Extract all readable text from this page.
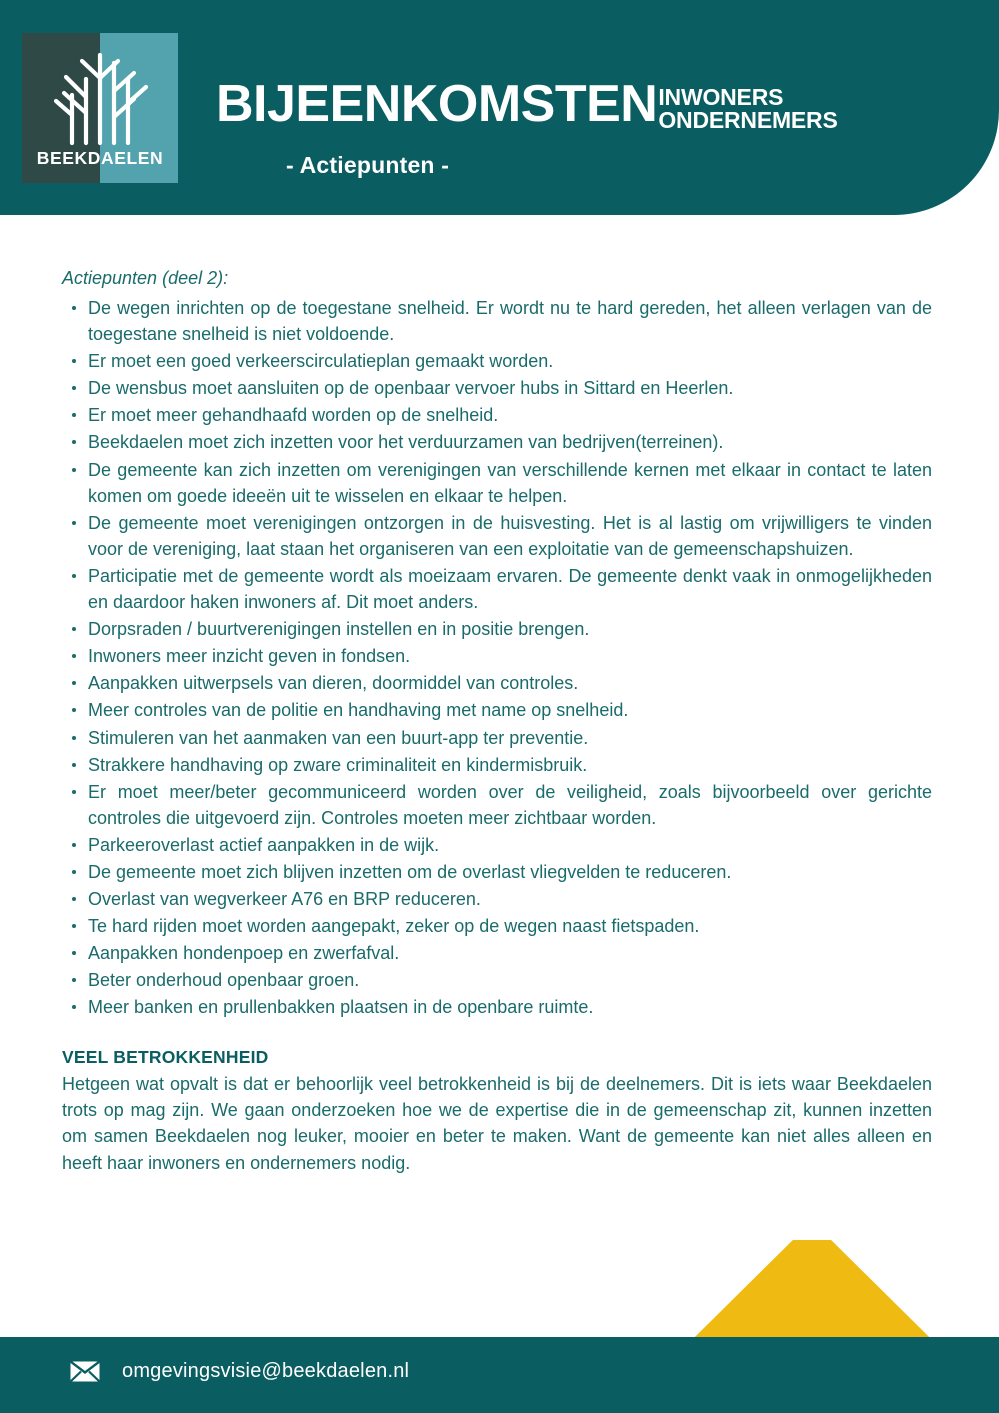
BEEKDAELEN
BIJEENKOMSTEN INWONERS
ONDERNEMERS
- Actiepunten -

Actiepunten (deel 2):

De wegen inrichten op de toegestane snelheid. Er wordt nu te hard gereden, het alleen verlagen van de toegestane snelheid is niet voldoende.
Er moet een goed verkeerscirculatieplan gemaakt worden.
De wensbus moet aansluiten op de openbaar vervoer hubs in Sittard en Heerlen.
Er moet meer gehandhaafd worden op de snelheid.
Beekdaelen moet zich inzetten voor het verduurzamen van bedrijven(terreinen).
De gemeente kan zich inzetten om verenigingen van verschillende kernen met elkaar in contact te laten komen om goede ideeën uit te wisselen en elkaar te helpen.
De gemeente moet verenigingen ontzorgen in de huisvesting. Het is al lastig om vrijwilligers te vinden voor de vereniging, laat staan het organiseren van een exploitatie van de gemeenschapshuizen.
Participatie met de gemeente wordt als moeizaam ervaren. De gemeente denkt vaak in onmogelijkheden en daardoor haken inwoners af. Dit moet anders.
Dorpsraden / buurtverenigingen instellen en in positie brengen.
Inwoners meer inzicht geven in fondsen.
Aanpakken uitwerpsels van dieren, doormiddel van controles.
Meer controles van de politie en handhaving met name op snelheid.
Stimuleren van het aanmaken van een buurt-app ter preventie.
Strakkere handhaving op zware criminaliteit en kindermisbruik.
Er moet meer/beter gecommuniceerd worden over de veiligheid, zoals bijvoorbeeld over gerichte controles die uitgevoerd zijn. Controles moeten meer zichtbaar worden.
Parkeeroverlast actief aanpakken in de wijk.
De gemeente moet zich blijven inzetten om de overlast vliegvelden te reduceren.
Overlast van wegverkeer A76 en BRP reduceren.
Te hard rijden moet worden aangepakt, zeker op de wegen naast fietspaden.
Aanpakken hondenpoep en zwerfafval.
Beter onderhoud openbaar groen.
Meer banken en prullenbakken plaatsen in de openbare ruimte.
VEEL BETROKKENHEID

Hetgeen wat opvalt is dat er behoorlijk veel betrokkenheid is bij de deelnemers. Dit is iets waar Beekdaelen trots op mag zijn. We gaan onderzoeken hoe we de expertise die in de gemeenschap zit, kunnen inzetten om samen Beekdaelen nog leuker, mooier en beter te maken. Want de gemeente kan niet alles alleen en heeft haar inwoners en ondernemers nodig.

omgevingsvisie@beekdaelen.nl
